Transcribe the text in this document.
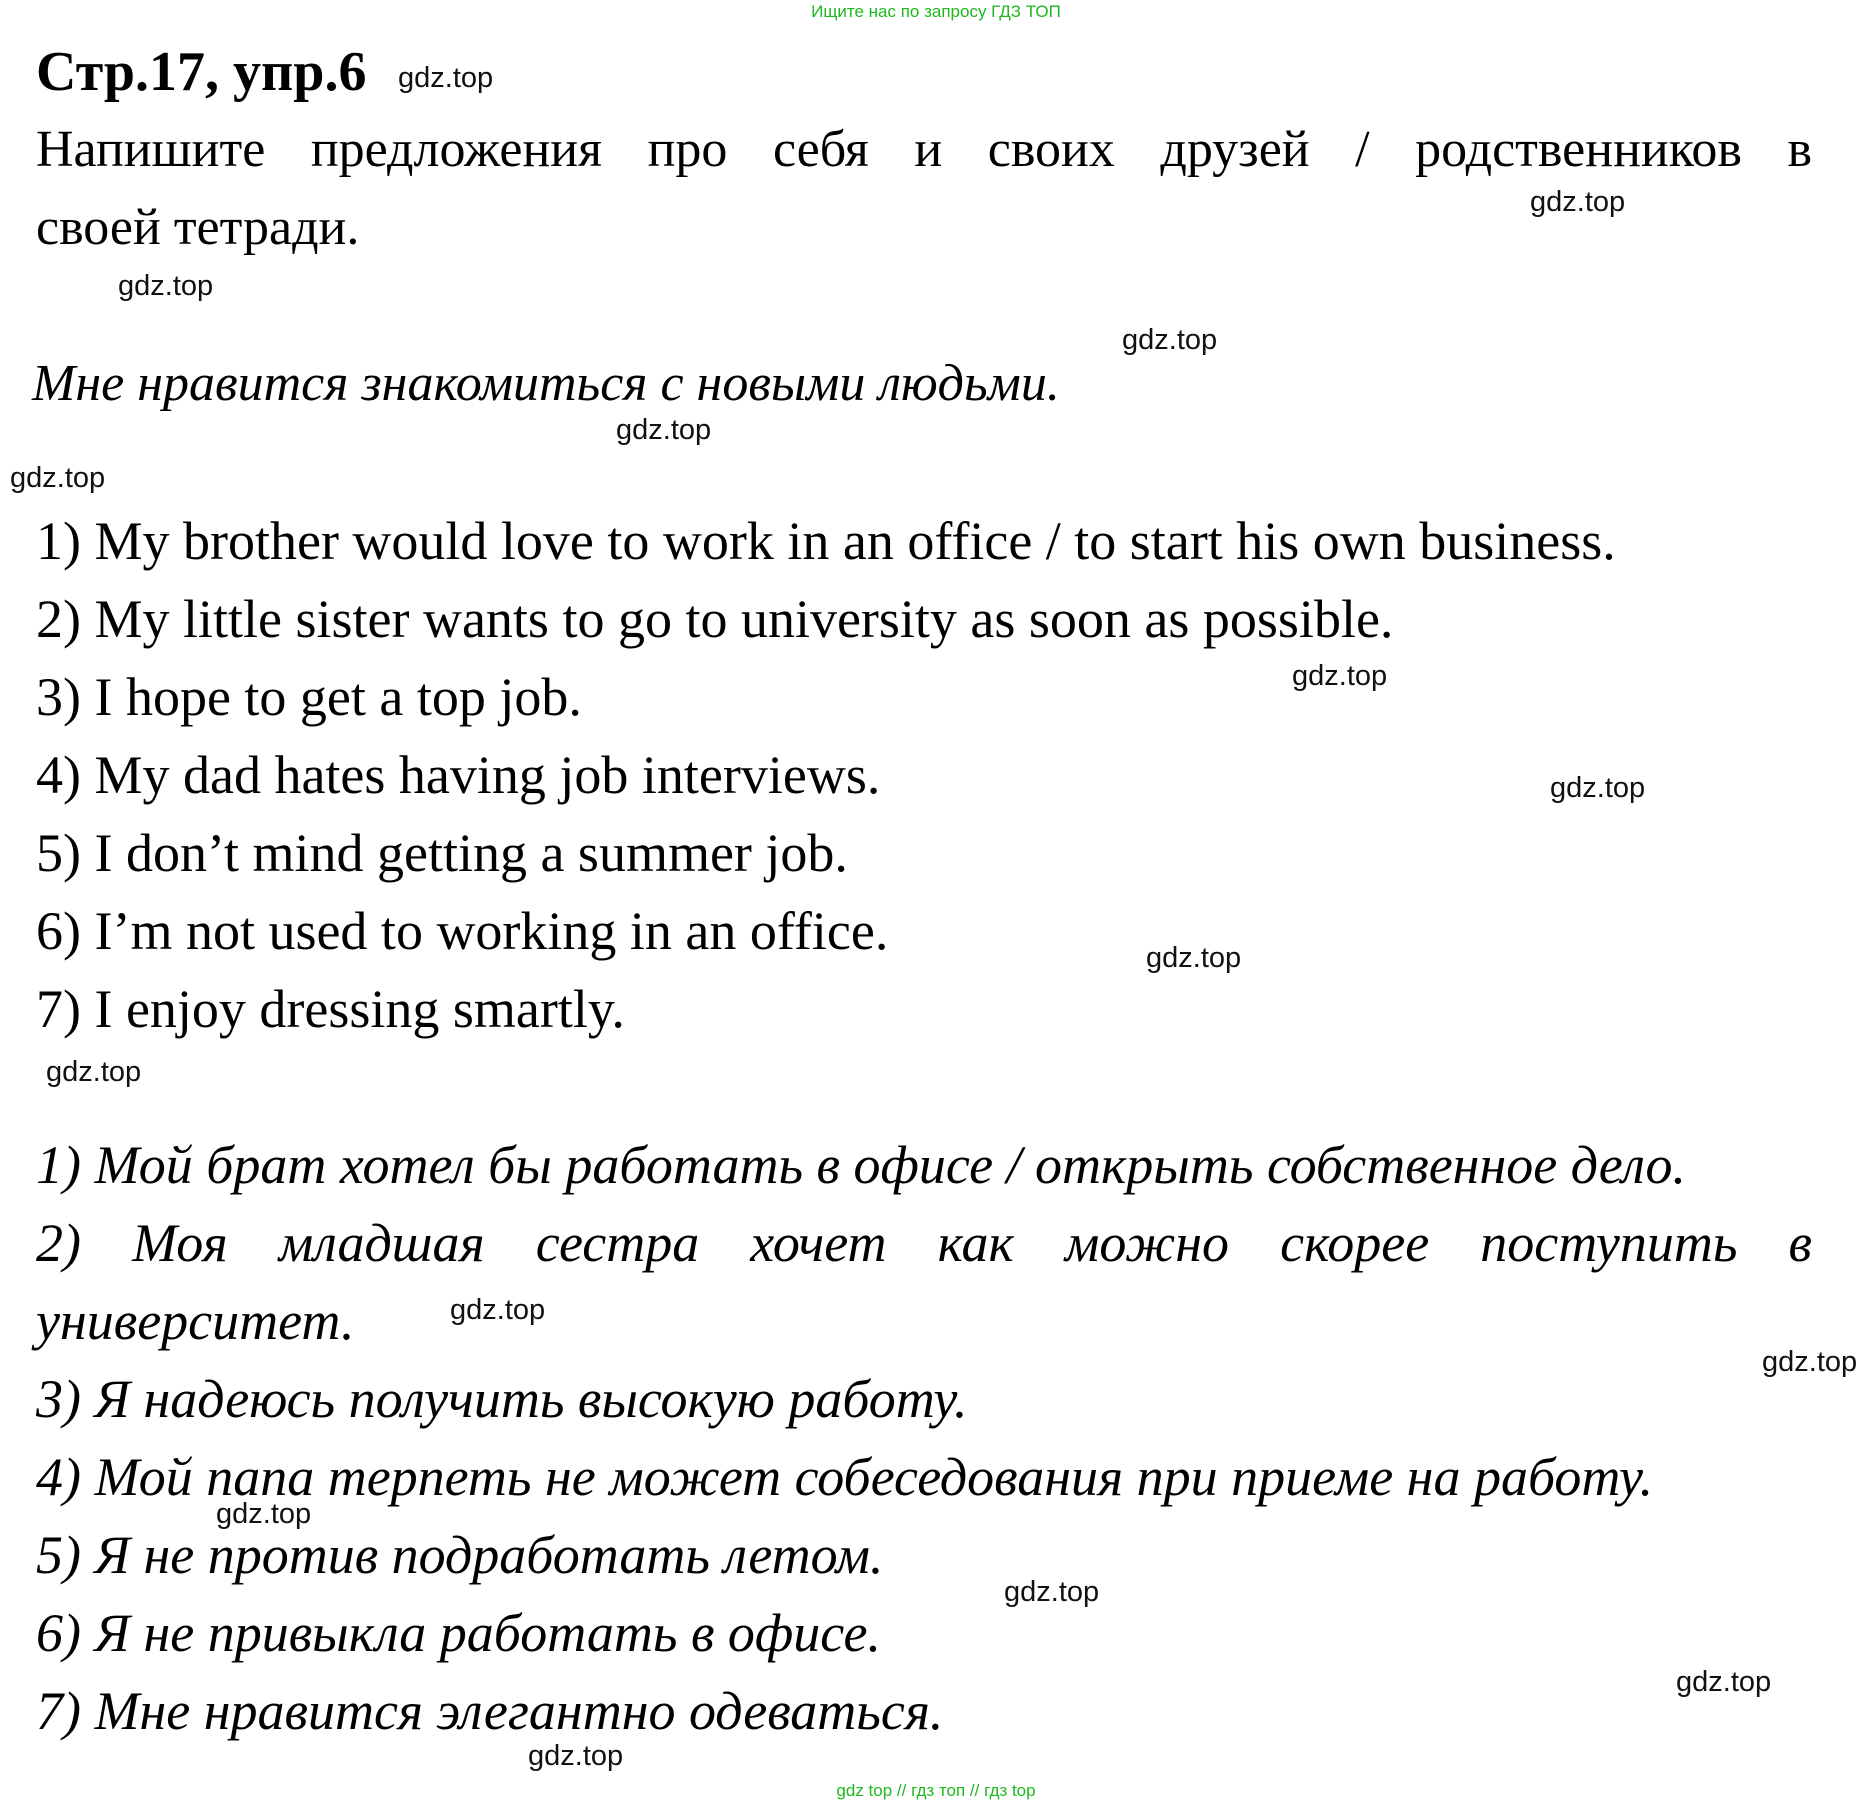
Ищите нас по запросу ГДЗ ТОП
Стр.17, упр.6 gdz.top
Напишите предложения про себя и своих друзей / родственников в
своей тетради.	gdz.top
gdz.top
gdz.top
Мне нравится знакомиться с новыми людьми.
gdz.top
gdz.top
1) My brother would love to work in an office / to start his own business.
2) My little sister wants to go to university as soon as possible.
3) I hope to get a top job.	gdz.top
4) My dad hates having job interviews.	gdz.top
5) I don’t mind getting a summer job.
6) I’m not used to working in an office.	gdz.top
7) I enjoy dressing smartly.
gdz.top
1) Мой брат хотел бы работать в офисе / открыть собственное дело.
2) Моя младшая сестра хочет как можно скорее поступить в
университет.	gdz.top
gdz.top
3) Я надеюсь получить высокую работу.
4) Мой папа терпеть не может собеседования при приеме на работу.
gdz.top
5) Я не против подработать летом.
gdz.top
6) Я не привыкла работать в офисе.
gdz.top
7) Мне нравится элегантно одеваться.
gdz.top
gdz top // гдз топ // гдз top
